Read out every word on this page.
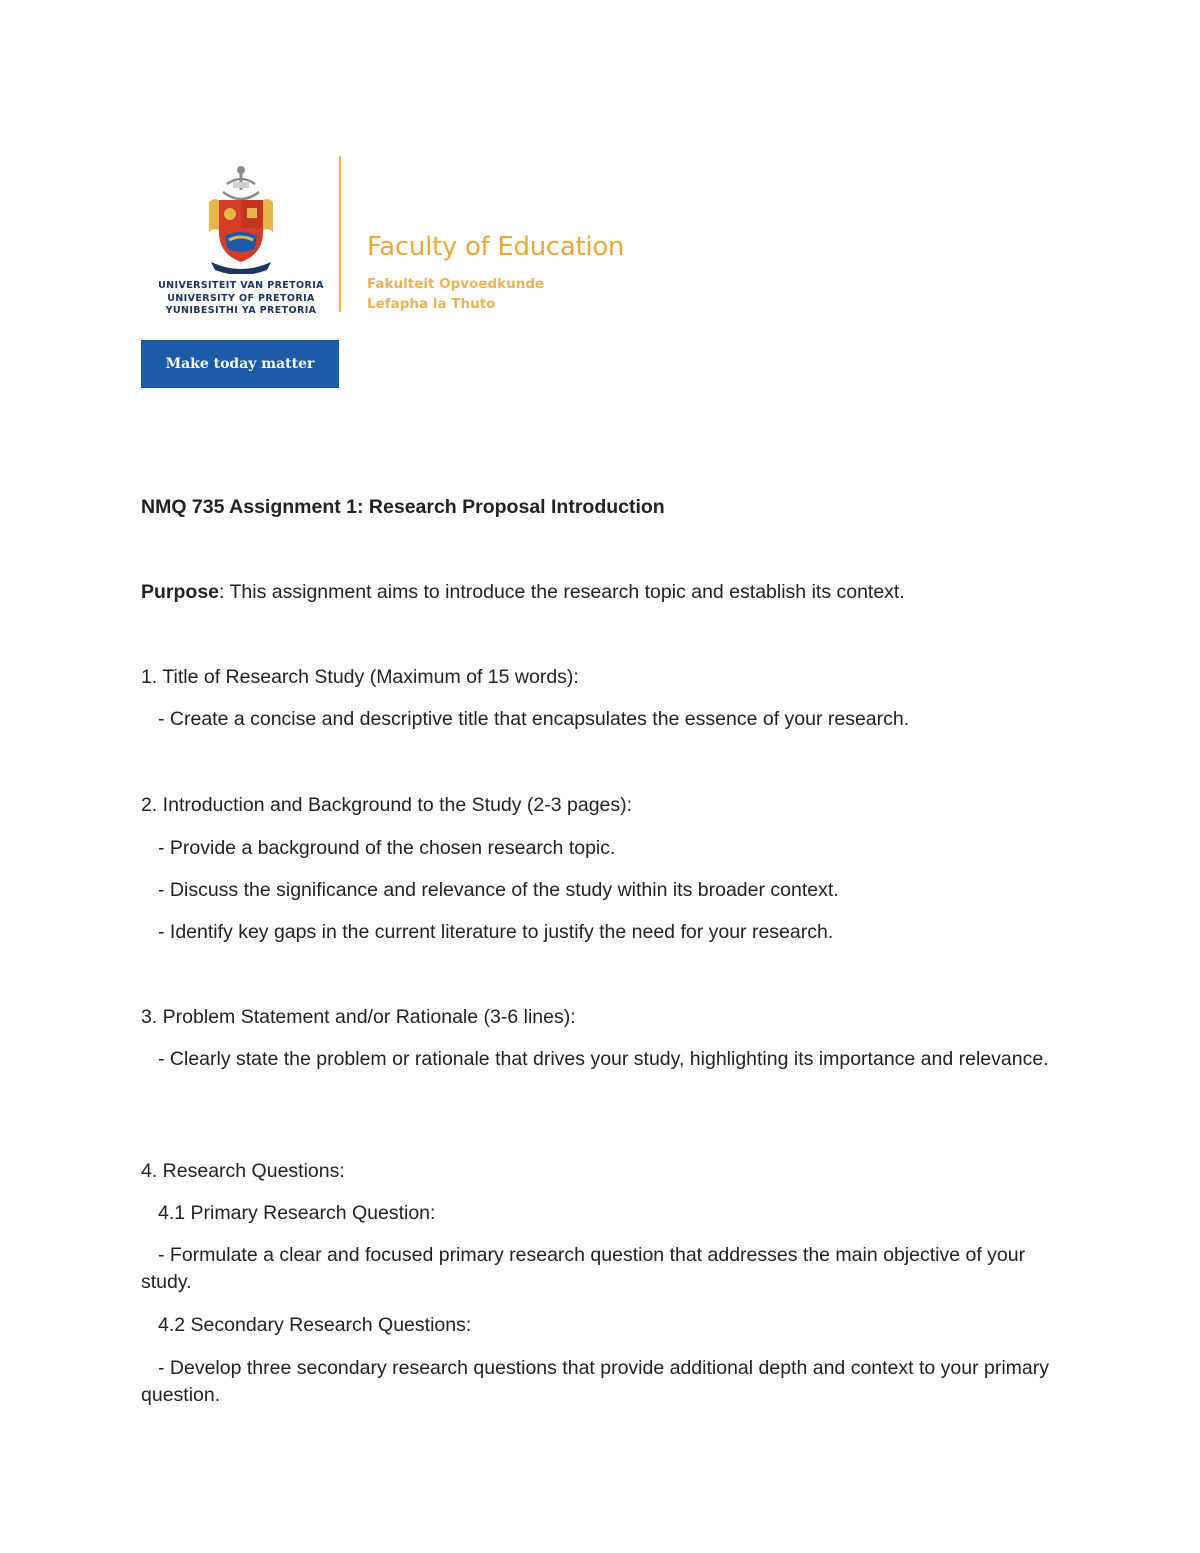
UNIVERSITEIT VAN PRETORIA
UNIVERSITY OF PRETORIA
YUNIBESITHI YA PRETORIA
Faculty of Education
Fakulteit Opvoedkunde
Lefapha la Thuto
Make today matter

NMQ 735 Assignment 1: Research Proposal Introduction

Purpose: This assignment aims to introduce the research topic and establish its context.

1. Title of Research Study (Maximum of 15 words):

- Create a concise and descriptive title that encapsulates the essence of your research.

2. Introduction and Background to the Study (2-3 pages):

- Provide a background of the chosen research topic.

- Discuss the significance and relevance of the study within its broader context.

- Identify key gaps in the current literature to justify the need for your research.

3. Problem Statement and/or Rationale (3-6 lines):

- Clearly state the problem or rationale that drives your study, highlighting its importance and relevance.

4. Research Questions:

4.1 Primary Research Question:

- Formulate a clear and focused primary research question that addresses the main objective of your study.

4.2 Secondary Research Questions:

- Develop three secondary research questions that provide additional depth and context to your primary question.
